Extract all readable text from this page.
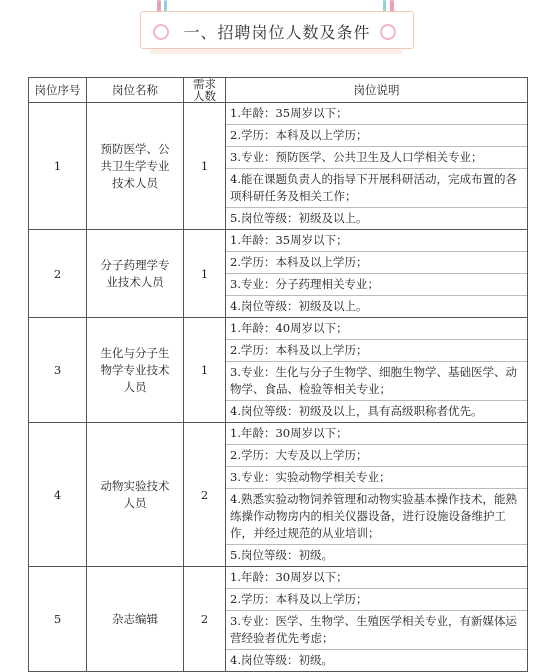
一、招聘岗位人数及条件
岗位序号	岗位名称	需求人数	岗位说明
1	预防医学、公共卫生学专业技术人员	1	1.年龄：35周岁以下；
2.学历：本科及以上学历；
3.专业：预防医学、公共卫生及人口学相关专业；
4.能在课题负责人的指导下开展科研活动，完成布置的各项科研任务及相关工作；
5.岗位等级：初级及以上。

2	分子药理学专业技术人员	1	1.年龄：35周岁以下；
2.学历：本科及以上学历；
3.专业：分子药理相关专业；
4.岗位等级：初级及以上。

3	生化与分子生物学专业技术人员	1	1.年龄：40周岁以下；
2.学历：本科及以上学历；
3.专业：生化与分子生物学、细胞生物学、基础医学、动物学、食品、检验等相关专业；
4.岗位等级：初级及以上，具有高级职称者优先。

4	动物实验技术人员	2	1.年龄：30周岁以下；
2.学历：大专及以上学历；
3.专业：实验动物学相关专业；
4.熟悉实验动物饲养管理和动物实验基本操作技术，能熟练操作动物房内的相关仪器设备，进行设施设备维护工作，并经过规范的从业培训；
5.岗位等级：初级。

5	杂志编辑	2	1.年龄：30周岁以下；
2.学历：本科及以上学历；
3.专业：医学、生物学、生殖医学相关专业，有新媒体运营经验者优先考虑；
4.岗位等级：初级。
